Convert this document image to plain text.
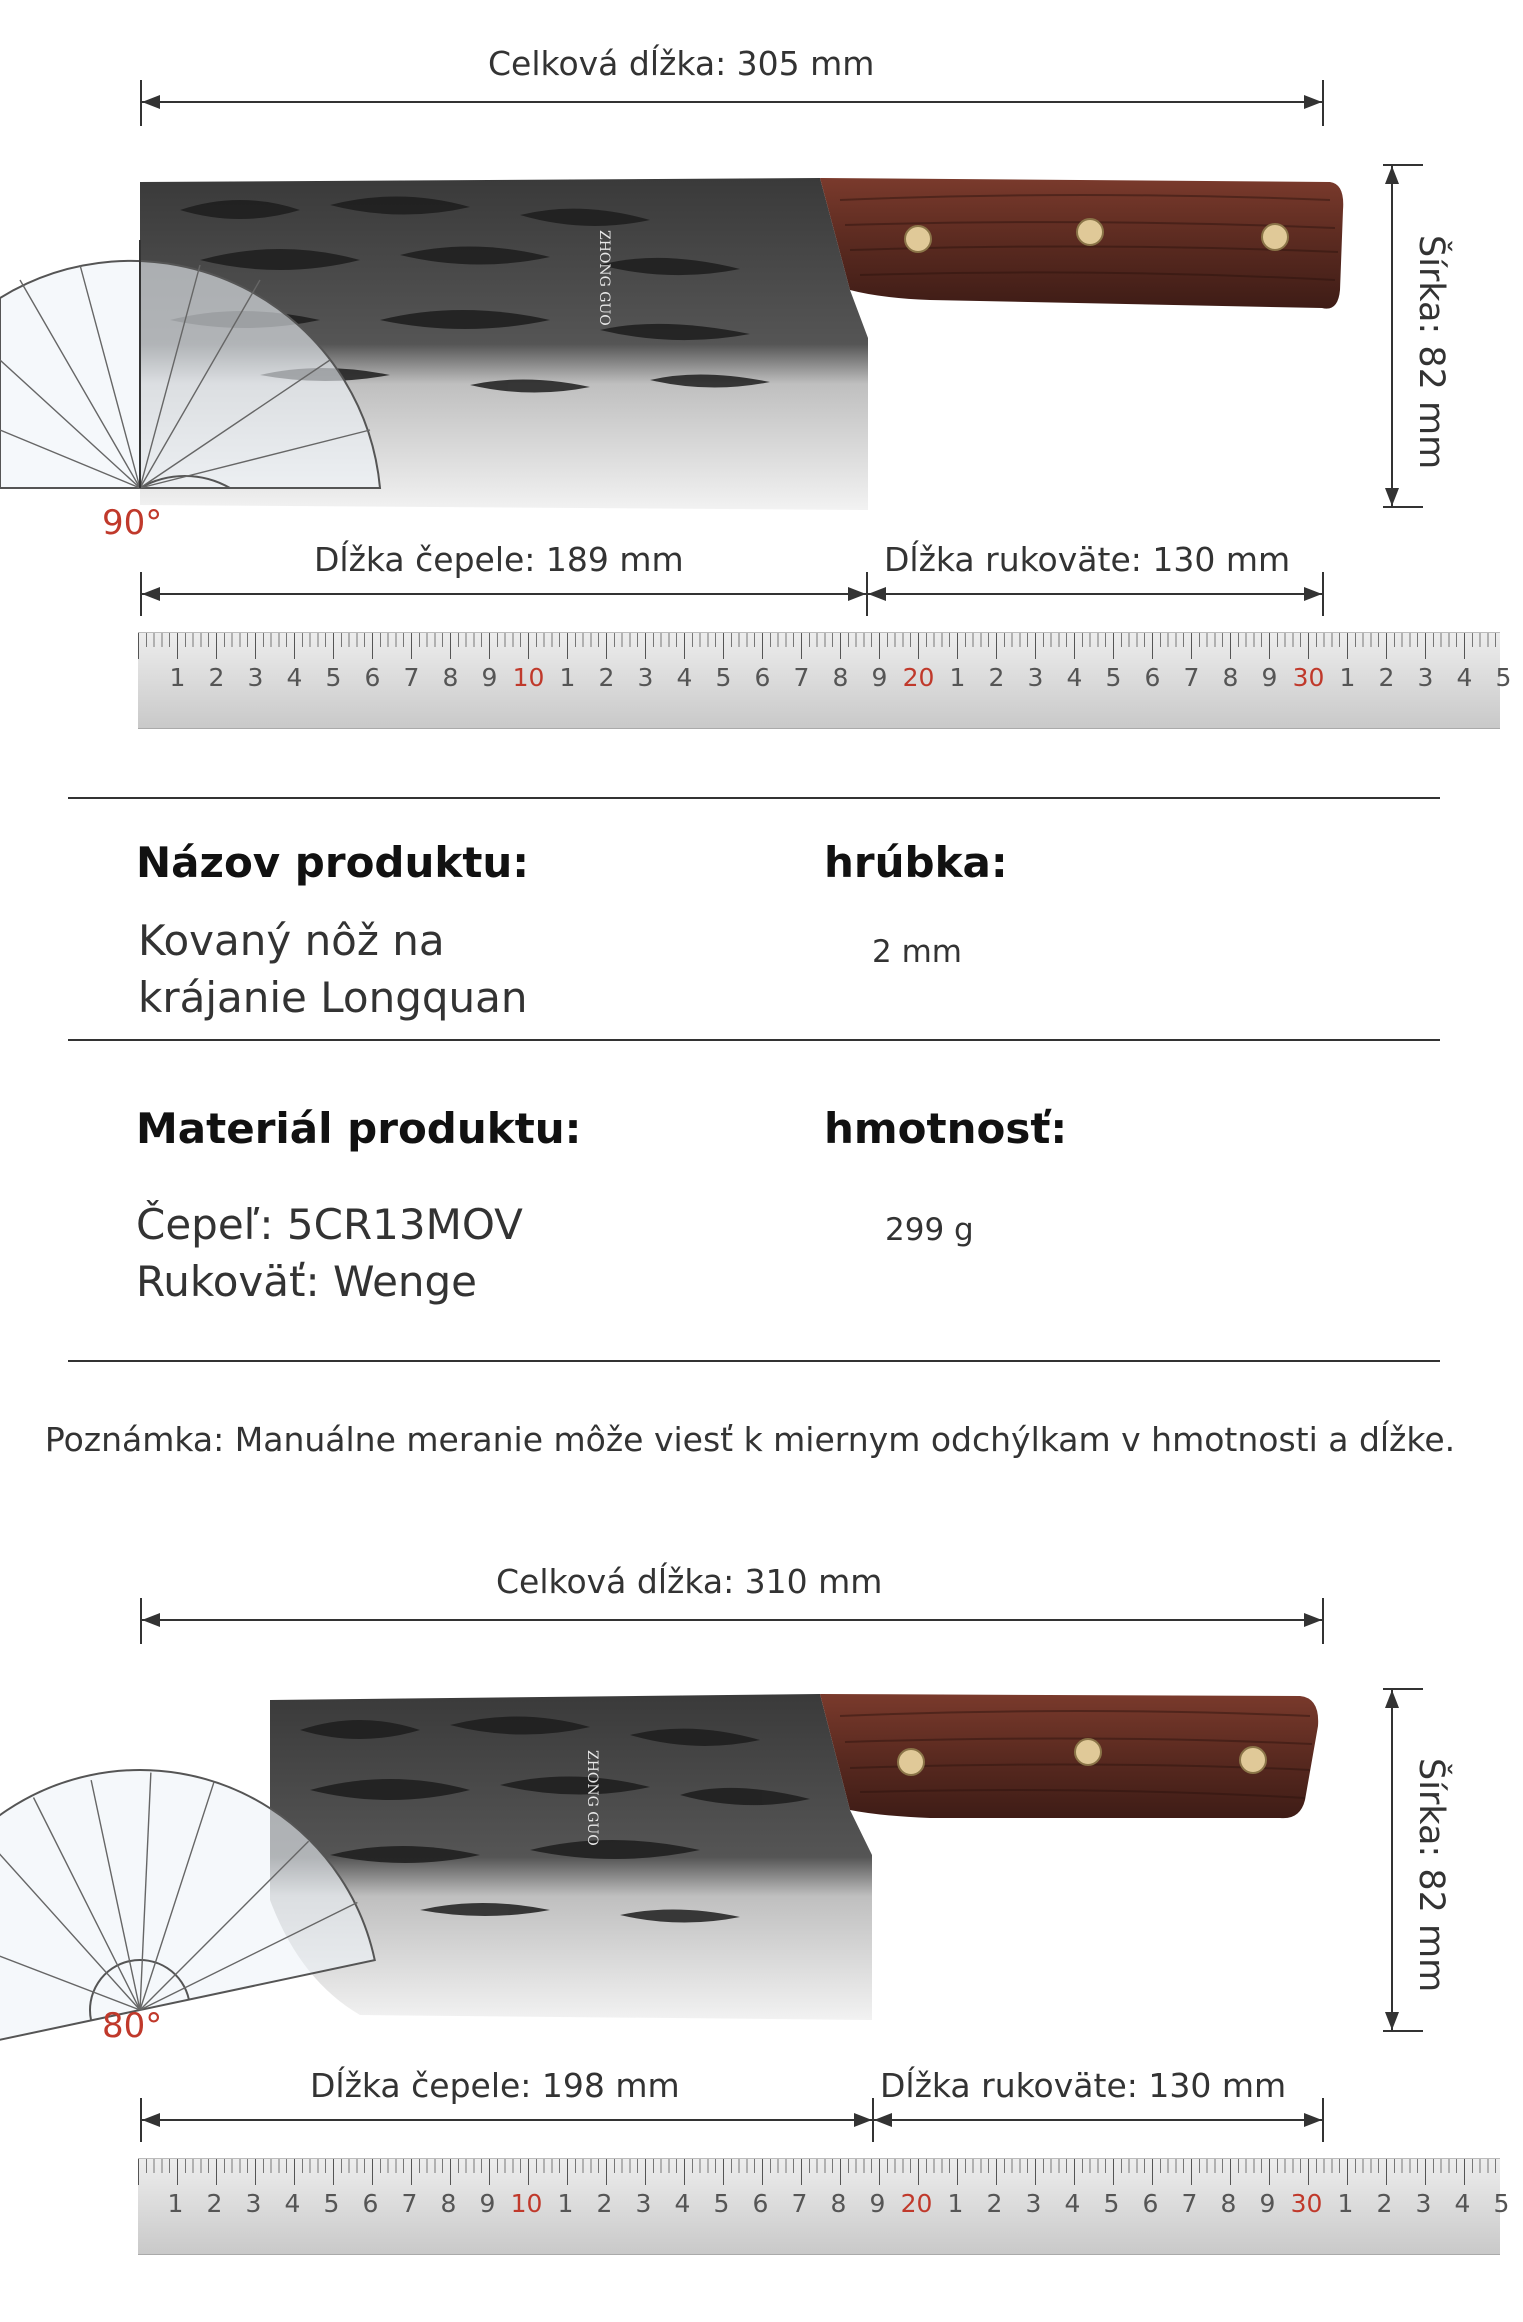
Celková dĺžka: 305 mm
ZHONG GUO
90°
Šírka: 82 mm
Dĺžka čepele: 189 mm	Dĺžka rukoväte: 130 mm
1 2 3 4 5 6 7 8 9 10 1 2 3 4 5 6 7 8 9 20 1 2 3 4 5 6 7 8 9 30 1 2 3 4 5
Názov produktu:
Kovaný nôž na
krájanie Longquan
hrúbka:
2 mm
Materiál produktu:
Čepeľ: 5CR13MOV
Rukoväť: Wenge
hmotnosť:
299 g
Poznámka: Manuálne meranie môže viesť k miernym odchýlkam v hmotnosti a dĺžke.
Celková dĺžka: 310 mm
ZHONG GUO
80°
Šírka: 82 mm
Dĺžka čepele: 198 mm	Dĺžka rukoväte: 130 mm
1 2 3 4 5 6 7 8 9 10 1 2 3 4 5 6 7 8 9 20 1 2 3 4 5 6 7 8 9 30 1 2 3 4 5
